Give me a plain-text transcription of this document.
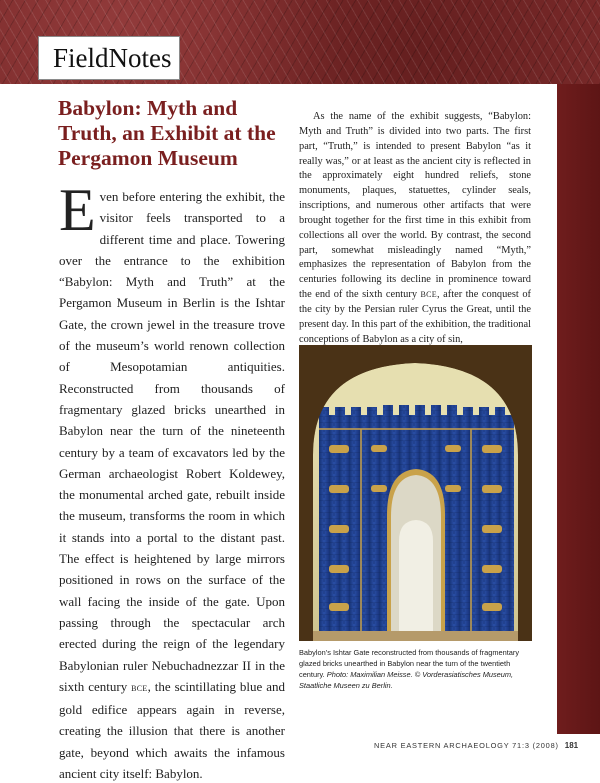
FieldNotes
Babylon: Myth and Truth, an Exhibit at the Pergamon Museum
Even before entering the exhibit, the visitor feels transported to a different time and place. Towering over the entrance to the exhibition “Babylon: Myth and Truth” at the Pergamon Museum in Berlin is the Ishtar Gate, the crown jewel in the treasure trove of the museum’s world renown collection of Mesopotamian antiquities. Reconstructed from thousands of fragmentary glazed bricks unearthed in Babylon near the turn of the nineteenth century by a team of excavators led by the German archaeologist Robert Koldewey, the monumental arched gate, rebuilt inside the museum, transforms the room in which it stands into a portal to the distant past. The effect is heightened by large mirrors positioned in rows on the surface of the wall facing the inside of the gate. Upon passing through the spectacular arch erected during the reign of the legendary Babylonian ruler Nebuchadnezzar II in the sixth century BCE, the scintillating blue and gold edifice appears again in reverse, creating the illusion that there is another gate, beyond which awaits the infamous ancient city itself: Babylon.
As the name of the exhibit suggests, “Babylon: Myth and Truth” is divided into two parts. The first part, “Truth,” is intended to present Babylon “as it really was,” or at least as the ancient city is reflected in the approximately eight hundred reliefs, stone monuments, plaques, statuettes, cylinder seals, inscriptions, and numerous other artifacts that were brought together for the first time in this exhibit from collections all over the world. By contrast, the second part, somewhat misleadingly named “Myth,” emphasizes the representation of Babylon from the centuries following its decline in prominence toward the end of the sixth century BCE, after the conquest of the city by the Persian ruler Cyrus the Great, until the present day. In this part of the exhibition, the traditional conceptions of Babylon as a city of sin,
Babylon’s Ishtar Gate reconstructed from thousands of fragmentary glazed bricks unearthed in Babylon near the turn of the twentieth century. Photo: Maximilian Meisse. © Vorderasiatisches Museum, Staatliche Museen zu Berlin.
NEAR EASTERN ARCHAEOLOGY 71:3 (2008) 181
